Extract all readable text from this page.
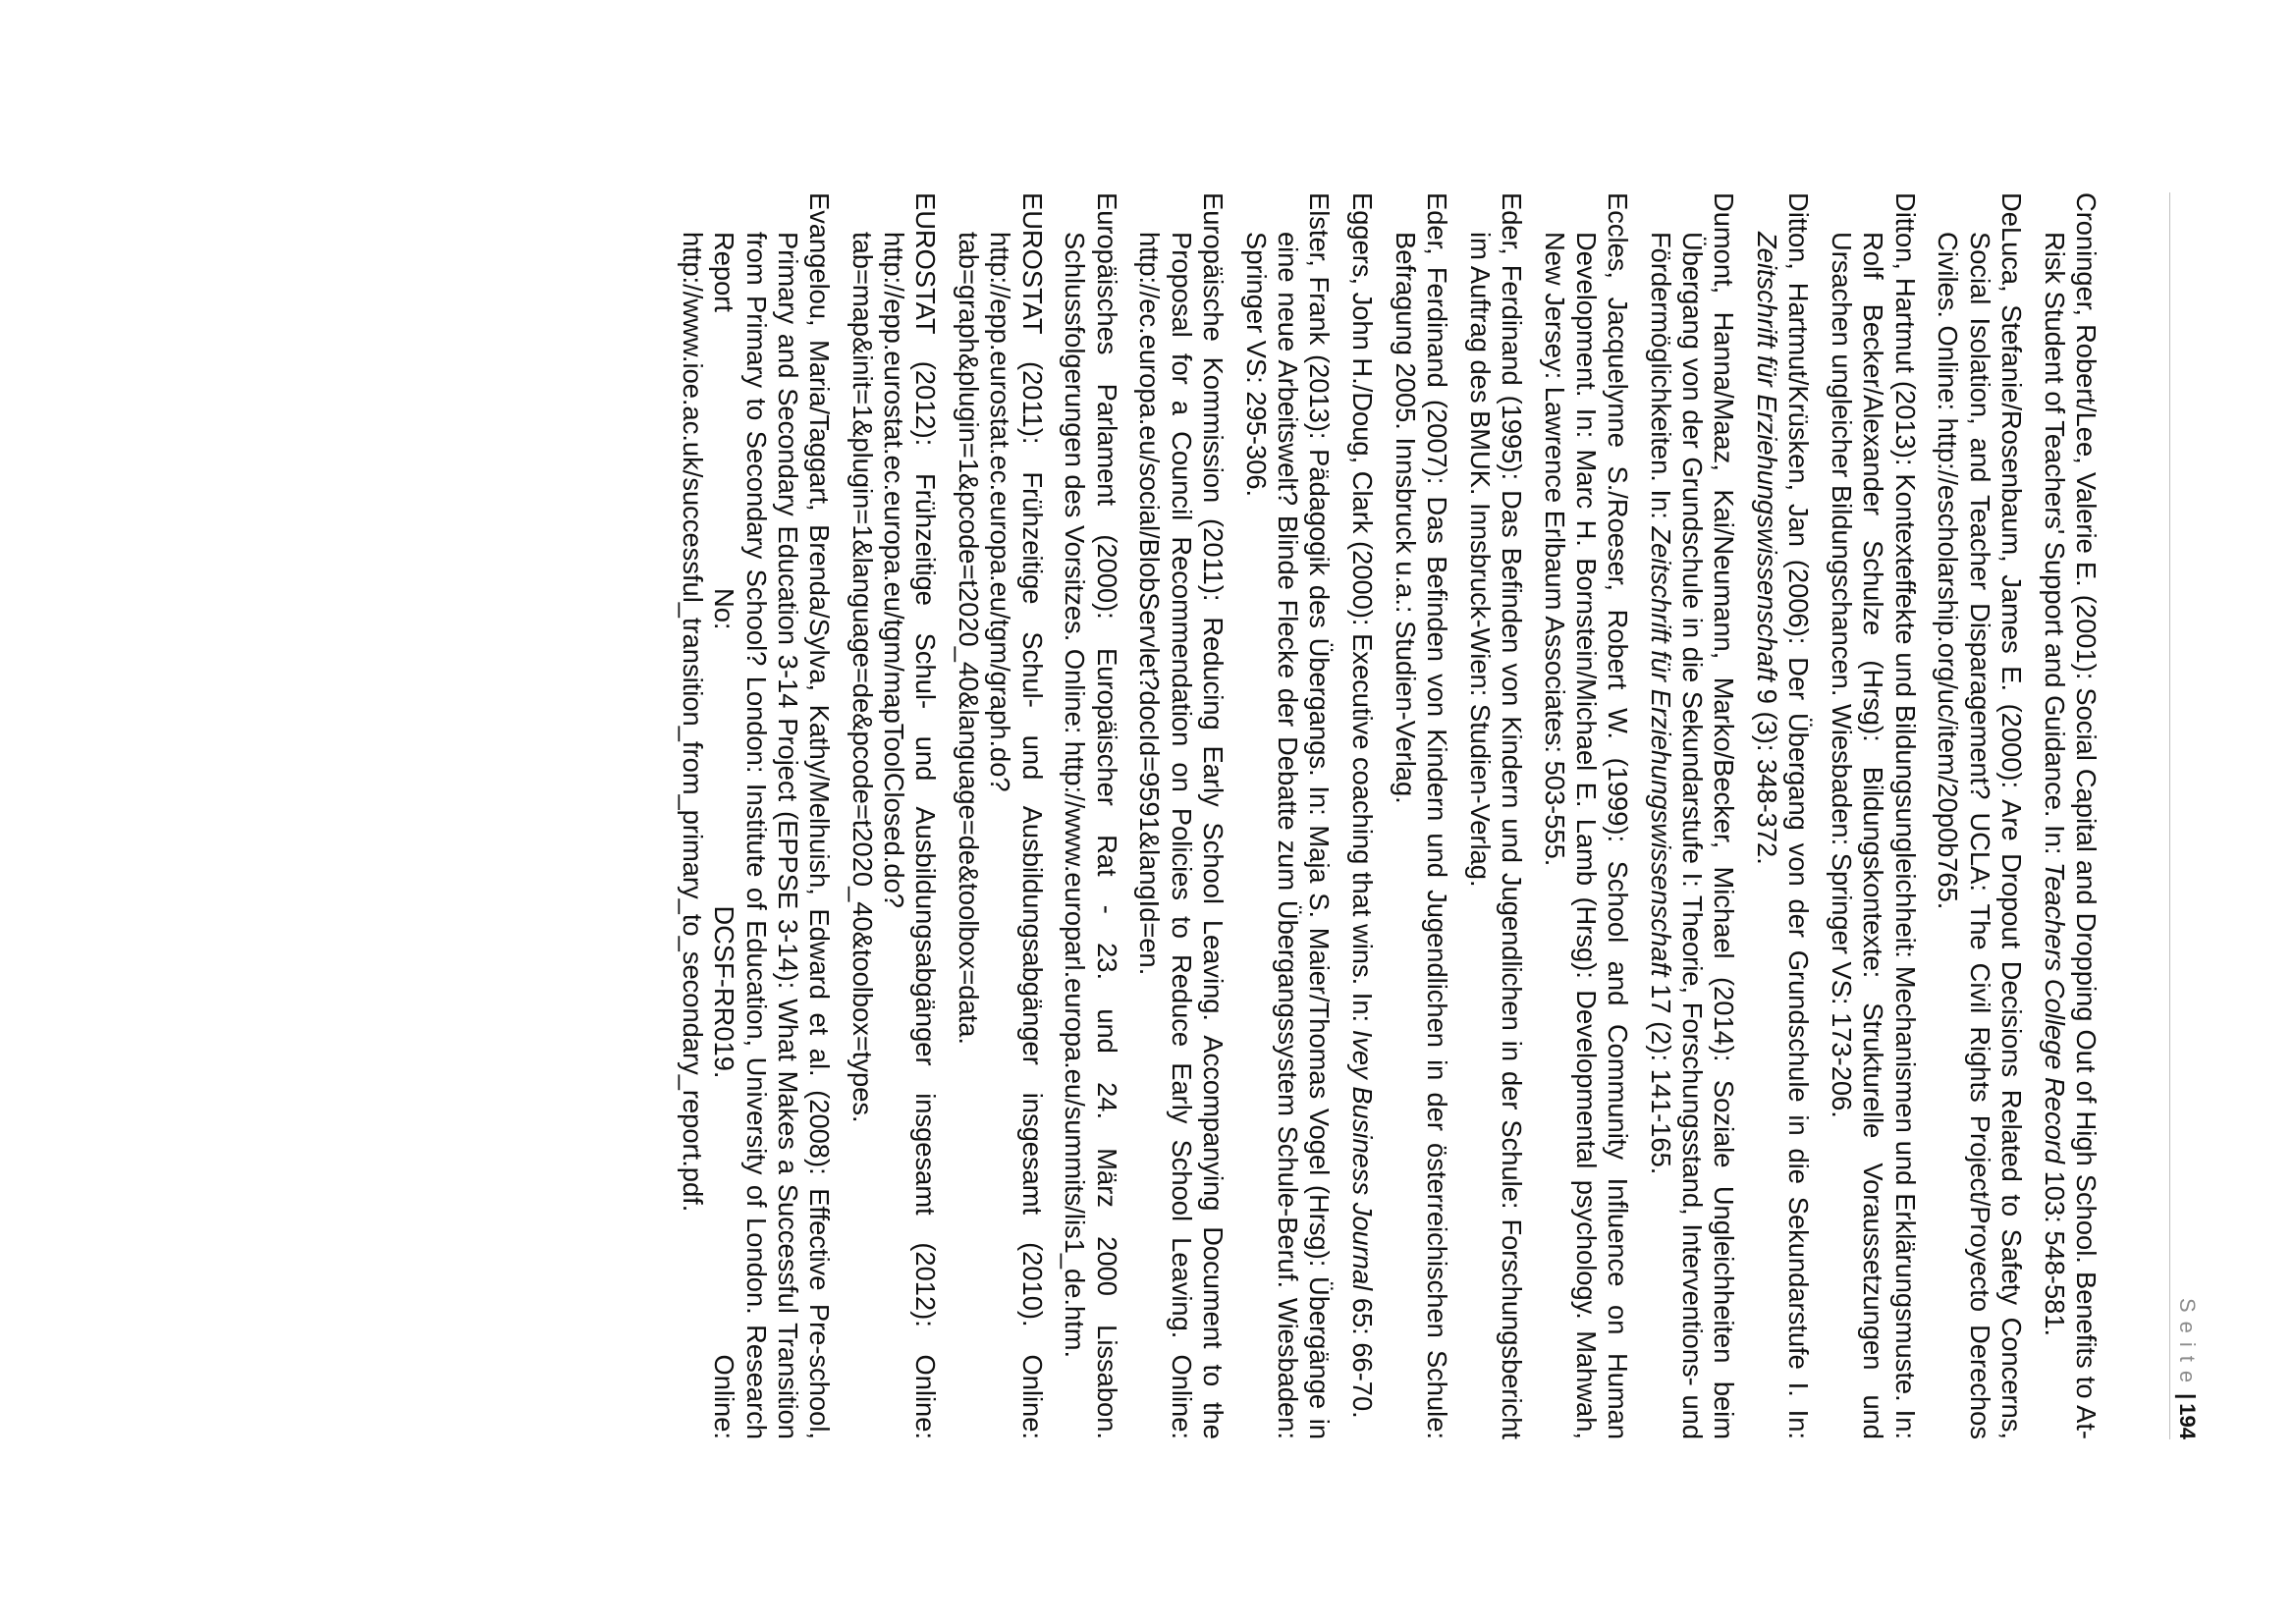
Seite|194

Croninger, Robert/Lee, Valerie E. (2001): Social Capital and Dropping Out of High School. Benefits to At-Risk Student of Teachers' Support and Guidance. In: Teachers College Record 103: 548-581.

DeLuca, Stefanie/Rosenbaum, James E. (2000): Are Dropout Decisions Related to Safety Concerns, Social Isolation, and Teacher Disparagement? UCLA: The Civil Rights Project/Proyecto Derechos Civiles. Online: http://escholarship.org/uc/item/20p0b765.

Ditton, Hartmut (2013): Kontexteffekte und Bildungsungleichheit: Mechanismen und Erklärungsmuste. In: Rolf Becker/Alexander Schulze (Hrsg): Bildungskontexte: Strukturelle Voraussetzungen und Ursachen ungleicher Bildungschancen. Wiesbaden: Springer VS: 173-206.

Ditton, Hartmut/Krüsken, Jan (2006): Der Übergang von der Grundschule in die Sekundarstufe I. In: Zeitschrift für Erziehungswissenschaft 9 (3): 348-372.

Dumont, Hanna/Maaz, Kai/Neumann, Marko/Becker, Michael (2014): Soziale Ungleichheiten beim Übergang von der Grundschule in die Sekundarstufe I: Theorie, Forschungsstand, Interventions- und Fördermöglichkeiten. In: Zeitschrift für Erziehungswissenschaft 17 (2): 141-165.

Eccles, Jacquelynne S./Roeser, Robert W. (1999): School and Community Influence on Human Development. In: Marc H. Bornstein/Michael E. Lamb (Hrsg): Developmental psychology. Mahwah, New Jersey: Lawrence Erlbaum Associates: 503-555.

Eder, Ferdinand (1995): Das Befinden von Kindern und Jugendlichen in der Schule: Forschungsbericht im Auftrag des BMUK. Innsbruck-Wien: Studien-Verlag.

Eder, Ferdinand (2007): Das Befinden von Kindern und Jugendlichen in der österreichischen Schule: Befragung 2005. Innsbruck u.a.: Studien-Verlag.

Eggers, John H./Doug, Clark (2000): Executive coaching that wins. In: Ivey Business Journal 65: 66-70.

Elster, Frank (2013): Pädagogik des Übergangs. In: Maja S. Maier/Thomas Vogel (Hrsg): Übergänge in eine neue Arbeitswelt? Blinde Flecke der Debatte zum Übergangssystem Schule-Beruf. Wiesbaden: Springer VS: 295-306.

Europäische Kommission (2011): Reducing Early School Leaving. Accompanying Document to the Proposal for a Council Recommendation on Policies to Reduce Early School Leaving. Online: http://ec.europa.eu/social/BlobServlet?docId=9591&langId=en.

Europäisches Parlament (2000): Europäischer Rat - 23. und 24. März 2000 Lissabon. Schlussfolgerungen des Vorsitzes. Online: http://www.europarl.europa.eu/summits/lis1_de.htm.

EUROSTAT (2011): Frühzeitige Schul- und Ausbildungsabgänger insgesamt (2010). Online: http://epp.eurostat.ec.europa.eu/tgm/graph.do?tab=graph&plugin=1&pcode=t2020_40&language=de&toolbox=data.

EUROSTAT (2012): Frühzeitige Schul- und Ausbildungsabgänger insgesamt (2012): Online: http://epp.eurostat.ec.europa.eu/tgm/mapToolClosed.do?tab=map&init=1&plugin=1&language=de&pcode=t2020_40&toolbox=types.

Evangelou, Maria/Taggart, Brenda/Sylva, Kathy/Melhuish, Edward et al. (2008): Effective Pre-school, Primary and Secondary Education 3-14 Project (EPPSE 3-14): What Makes a Successful Transition from Primary to Secondary School? London: Institute of Education, University of London. Research Report No: DCSF-RR019. Online: http://www.ioe.ac.uk/successful_transition_from_primary_to_secondary_report.pdf.
